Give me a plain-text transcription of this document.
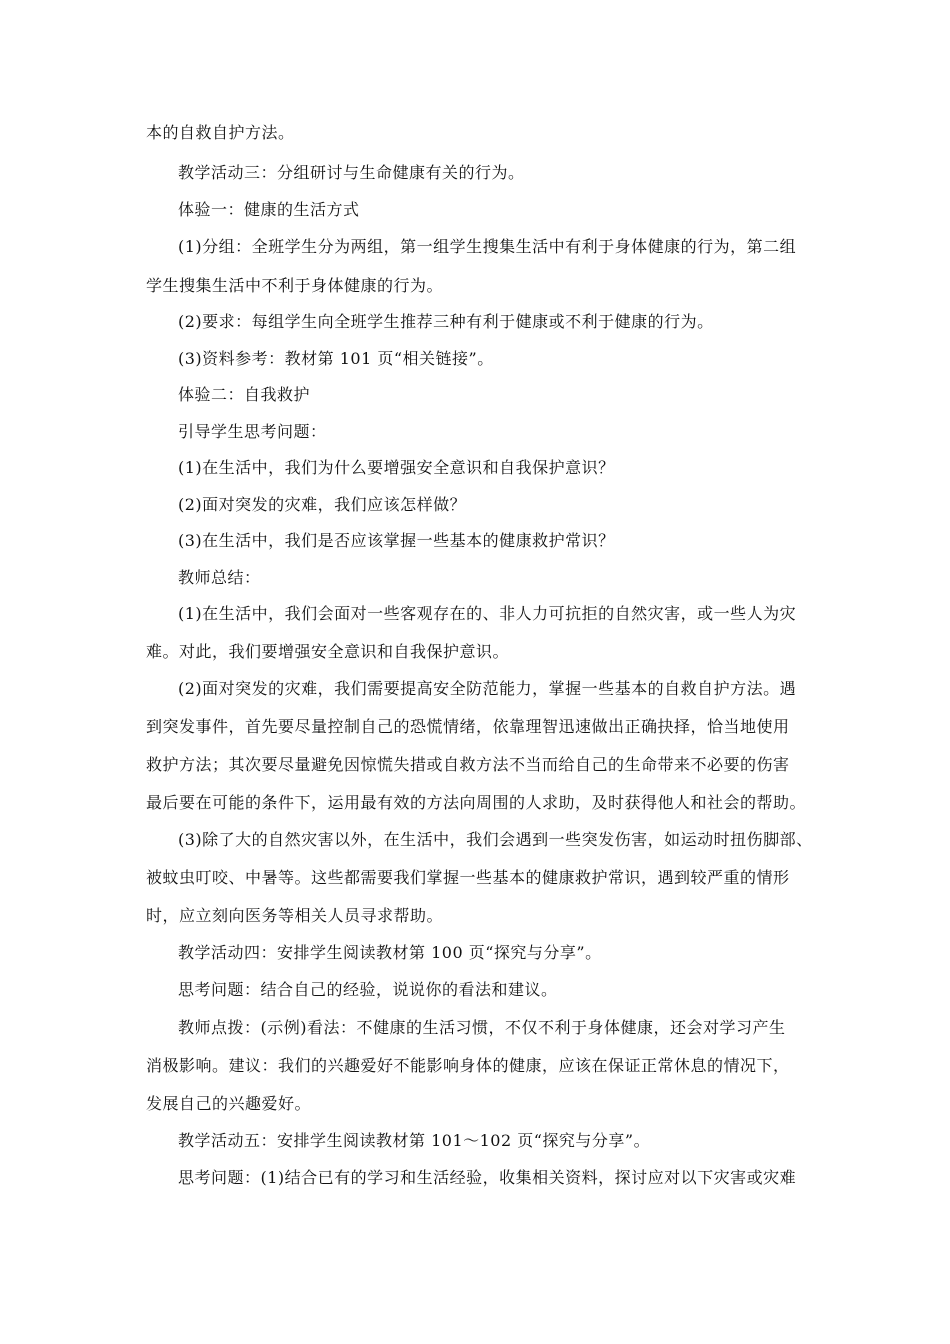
本的自救自护方法。
教学活动三：分组研讨与生命健康有关的行为。
体验一：健康的生活方式
(1)分组：全班学生分为两组，第一组学生搜集生活中有利于身体健康的行为，第二组
学生搜集生活中不利于身体健康的行为。
(2)要求：每组学生向全班学生推荐三种有利于健康或不利于健康的行为。
(3)资料参考：教材第 101 页“相关链接”。
体验二：自我救护
引导学生思考问题：
(1)在生活中，我们为什么要增强安全意识和自我保护意识？
(2)面对突发的灾难，我们应该怎样做？
(3)在生活中，我们是否应该掌握一些基本的健康救护常识？
教师总结：
(1)在生活中，我们会面对一些客观存在的、非人力可抗拒的自然灾害，或一些人为灾
难。对此，我们要增强安全意识和自我保护意识。
(2)面对突发的灾难，我们需要提高安全防范能力，掌握一些基本的自救自护方法。遇
到突发事件，首先要尽量控制自己的恐慌情绪，依靠理智迅速做出正确抉择，恰当地使用
救护方法；其次要尽量避免因惊慌失措或自救方法不当而给自己的生命带来不必要的伤害
最后要在可能的条件下，运用最有效的方法向周围的人求助，及时获得他人和社会的帮助。
(3)除了大的自然灾害以外，在生活中，我们会遇到一些突发伤害，如运动时扭伤脚部、
被蚊虫叮咬、中暑等。这些都需要我们掌握一些基本的健康救护常识，遇到较严重的情形
时，应立刻向医务等相关人员寻求帮助。
教学活动四：安排学生阅读教材第 100 页“探究与分享”。
思考问题：结合自己的经验，说说你的看法和建议。
教师点拨：(示例)看法：不健康的生活习惯，不仅不利于身体健康，还会对学习产生
消极影响。建议：我们的兴趣爱好不能影响身体的健康，应该在保证正常休息的情况下，
发展自己的兴趣爱好。
教学活动五：安排学生阅读教材第 101～102 页“探究与分享”。
思考问题：(1)结合已有的学习和生活经验，收集相关资料，探讨应对以下灾害或灾难
